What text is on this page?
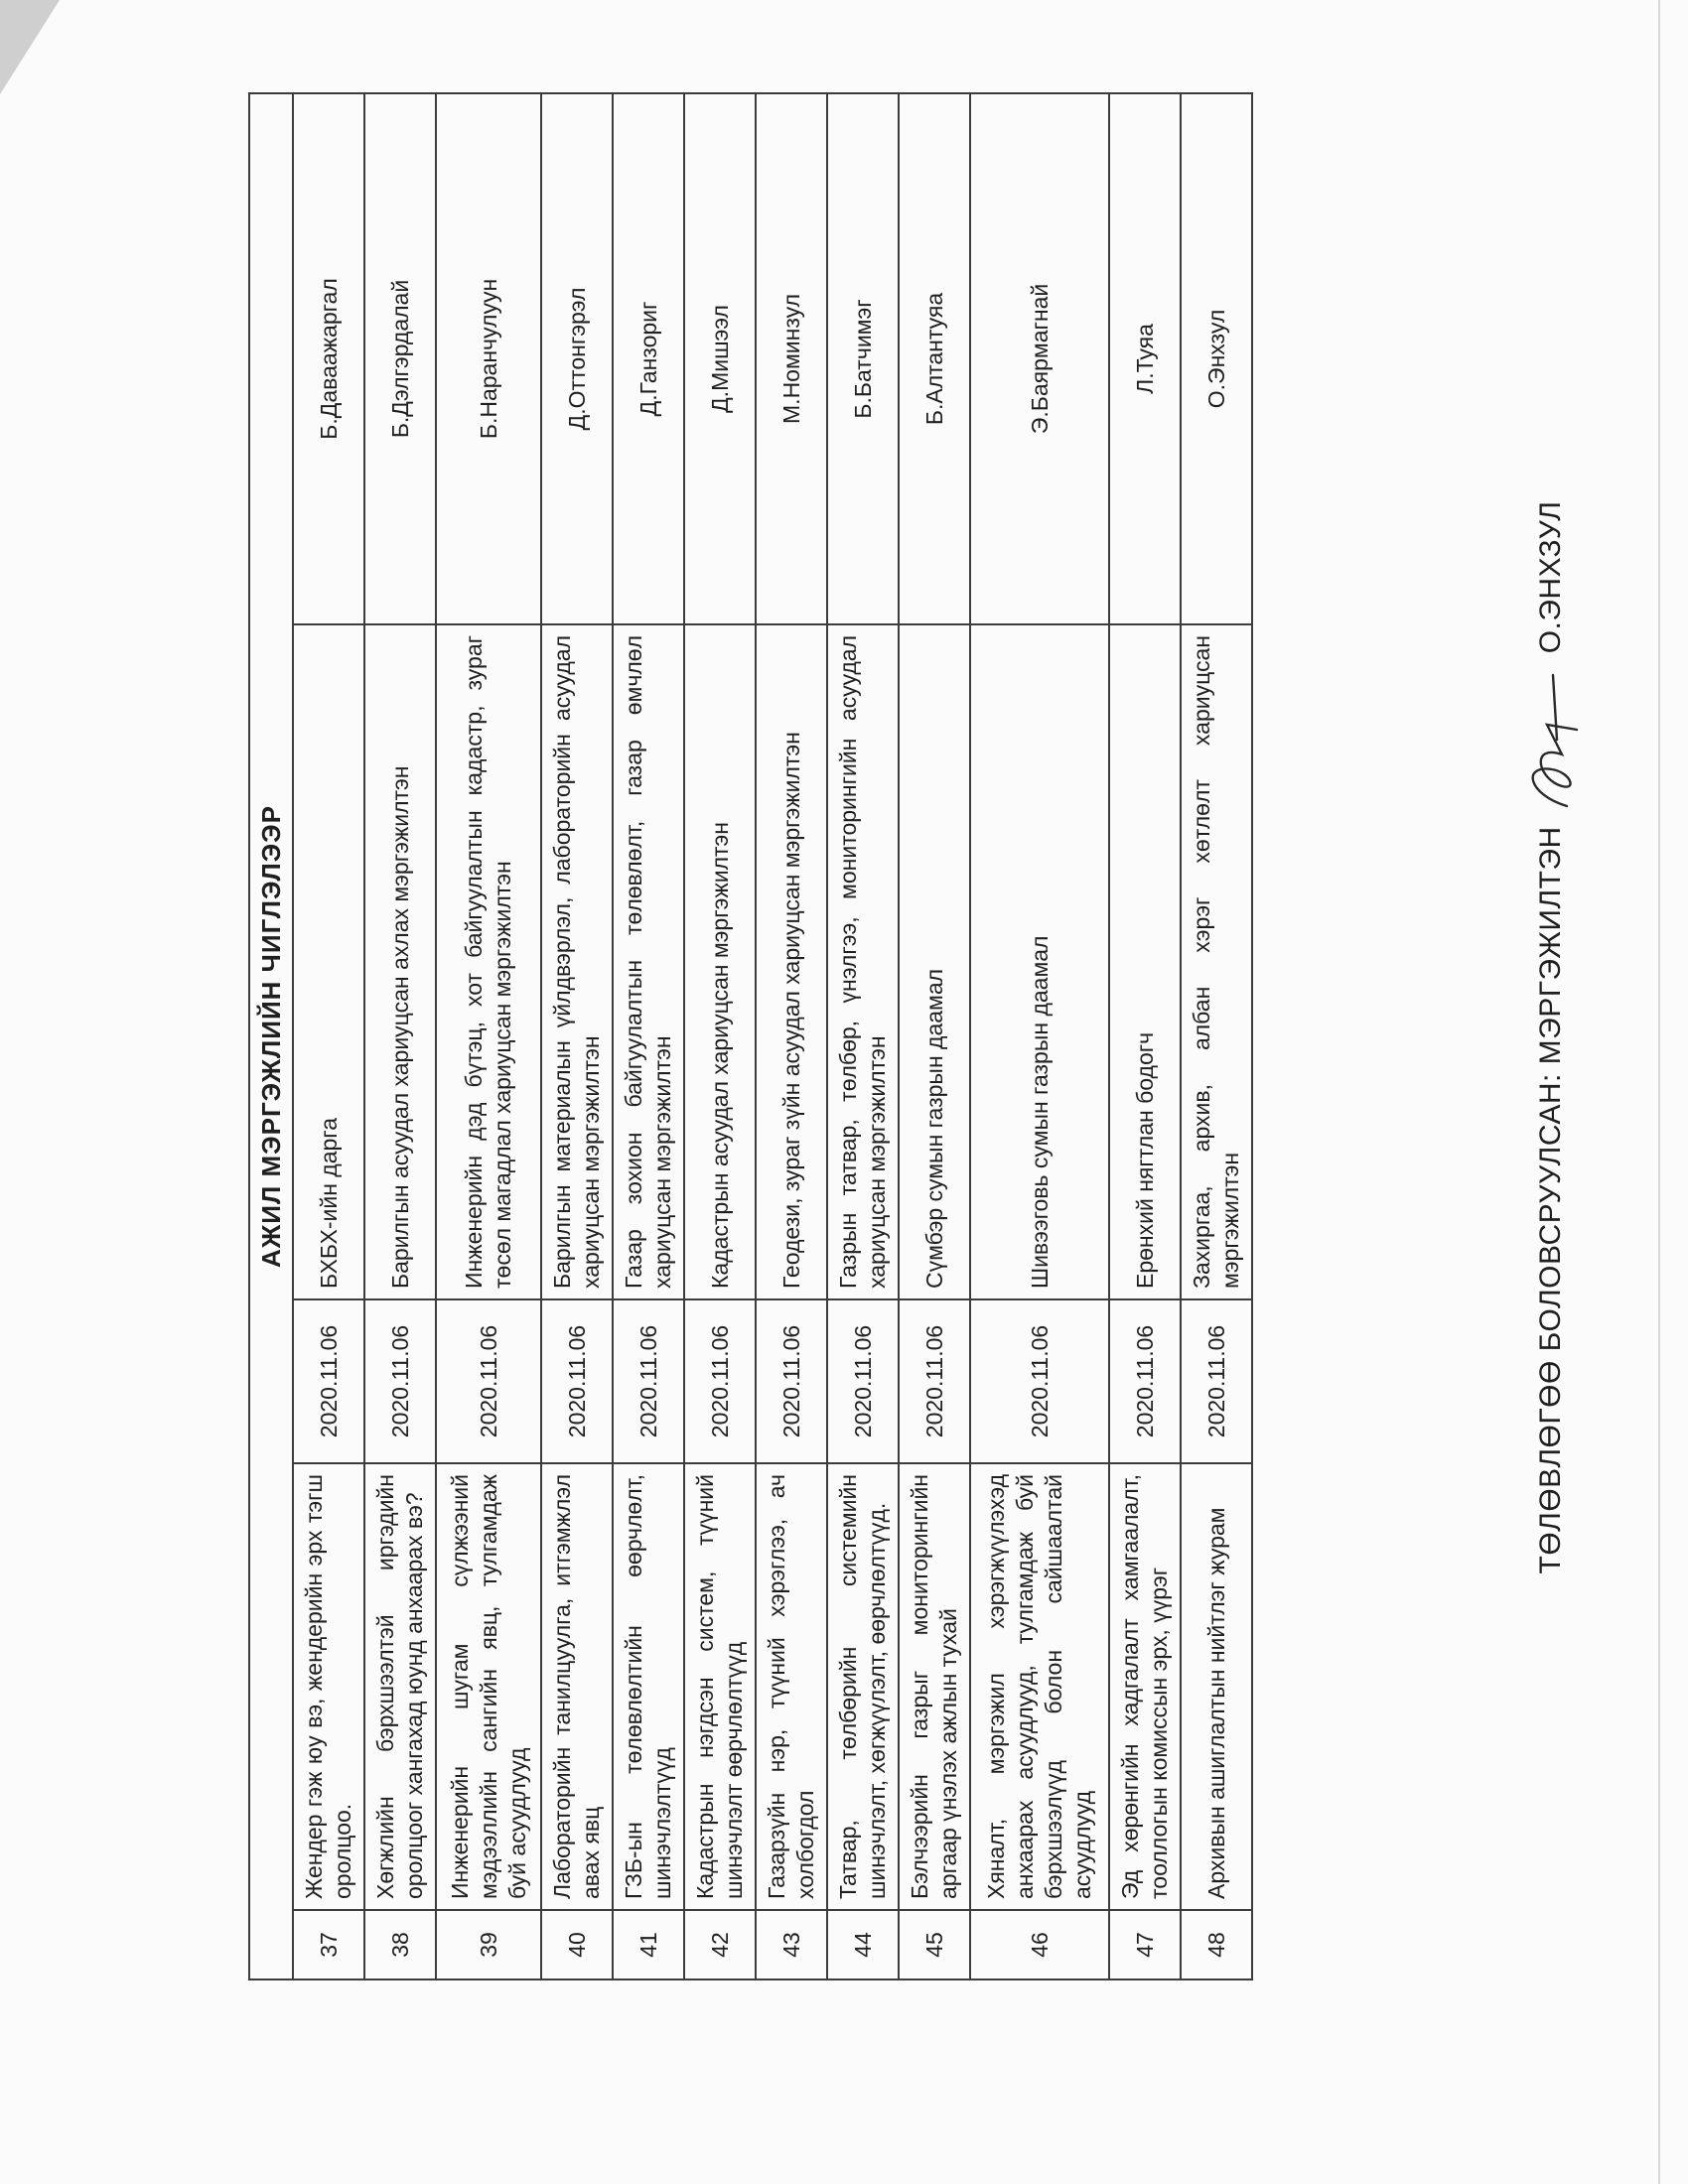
АЖИЛ МЭРГЭЖЛИЙН ЧИГЛЭЛЭЭР				
37	Жендер гэж юу вэ, жендерийн эрх тэгш оролцоо.	2020.11.06	БХБХ-ийн дарга	Б.Даваажаргал
38	Хөгжлийн бэрхшээлтэй иргэдийн оролцоог хангахад юунд анхаарах вэ?	2020.11.06	Барилгын асуудал хариуцсан ахлах мэргэжилтэн	Б.Дэлгэрдалай
39	Инженерийн шугам сүлжээний мэдээллийн сангийн явц, тулгамдаж буй асуудлууд	2020.11.06	Инженерийн дэд бүтэц, хот байгуулалтын кадастр, зураг төсөл магадлал хариуцсан мэргэжилтэн	Б.Наранчулуун
40	Лабораторийн танилцуулга, итгэмжлэл авах явц	2020.11.06	Барилгын материалын үйлдвэрлэл, лабораторийн асуудал хариуцсан мэргэжилтэн	Д.Оттонгэрэл
41	ГЗБ-ын төлөвлөлтийн өөрчлөлт, шинэчлэлтүүд	2020.11.06	Газар зохион байгуулалтын төлөвлөлт, газар өмчлөл хариуцсан мэргэжилтэн	Д.Ганзориг
42	Кадастрын нэгдсэн систем, түүний шинэчлэлт өөрчлөлтүүд	2020.11.06	Кадастрын асуудал хариуцсан мэргэжилтэн	Д.Мишээл
43	Газарзүйн нэр, түүний хэрэглээ, ач холбогдол	2020.11.06	Геодези, зураг зүйн асуудал хариуцсан мэргэжилтэн	М.Номинзул
44	Татвар, төлбөрийн системийн шинэчлэлт, хөгжүүлэлт, өөрчлөлтүүд.	2020.11.06	Газрын татвар, төлбөр, үнэлгээ, мониторингийн асуудал хариуцсан мэргэжилтэн	Б.Батчимэг
45	Бэлчээрийн газрыг мониторингийн аргаар үнэлэх ажлын тухай	2020.11.06	Сүмбэр сумын газрын даамал	Б.Алтантуяа
46	Хяналт, мэргэжил хэрэгжүүлэхэд анхаарах асуудлууд, тулгамдаж буй бэрхшээлүүд болон сайшаалтай асуудлууд	2020.11.06	Шивээговь сумын газрын даамал	Э.Баярмагнай
47	Эд хөрөнгийн хадгалалт хамгаалалт, тооллогын комиссын эрх, үүрэг	2020.11.06	Ерөнхий нягтлан бодогч	Л.Туяа
48	Архивын ашиглалтын нийтлэг журам	2020.11.06	Захиргаа, архив, албан хэрэг хөтлөлт хариуцсан мэргэжилтэн	О.Энхзул
ТӨЛӨВЛӨГӨӨ БОЛОВСРУУЛСАН: МЭРГЭЖИЛТЭНО.ЭНХЗУЛ
